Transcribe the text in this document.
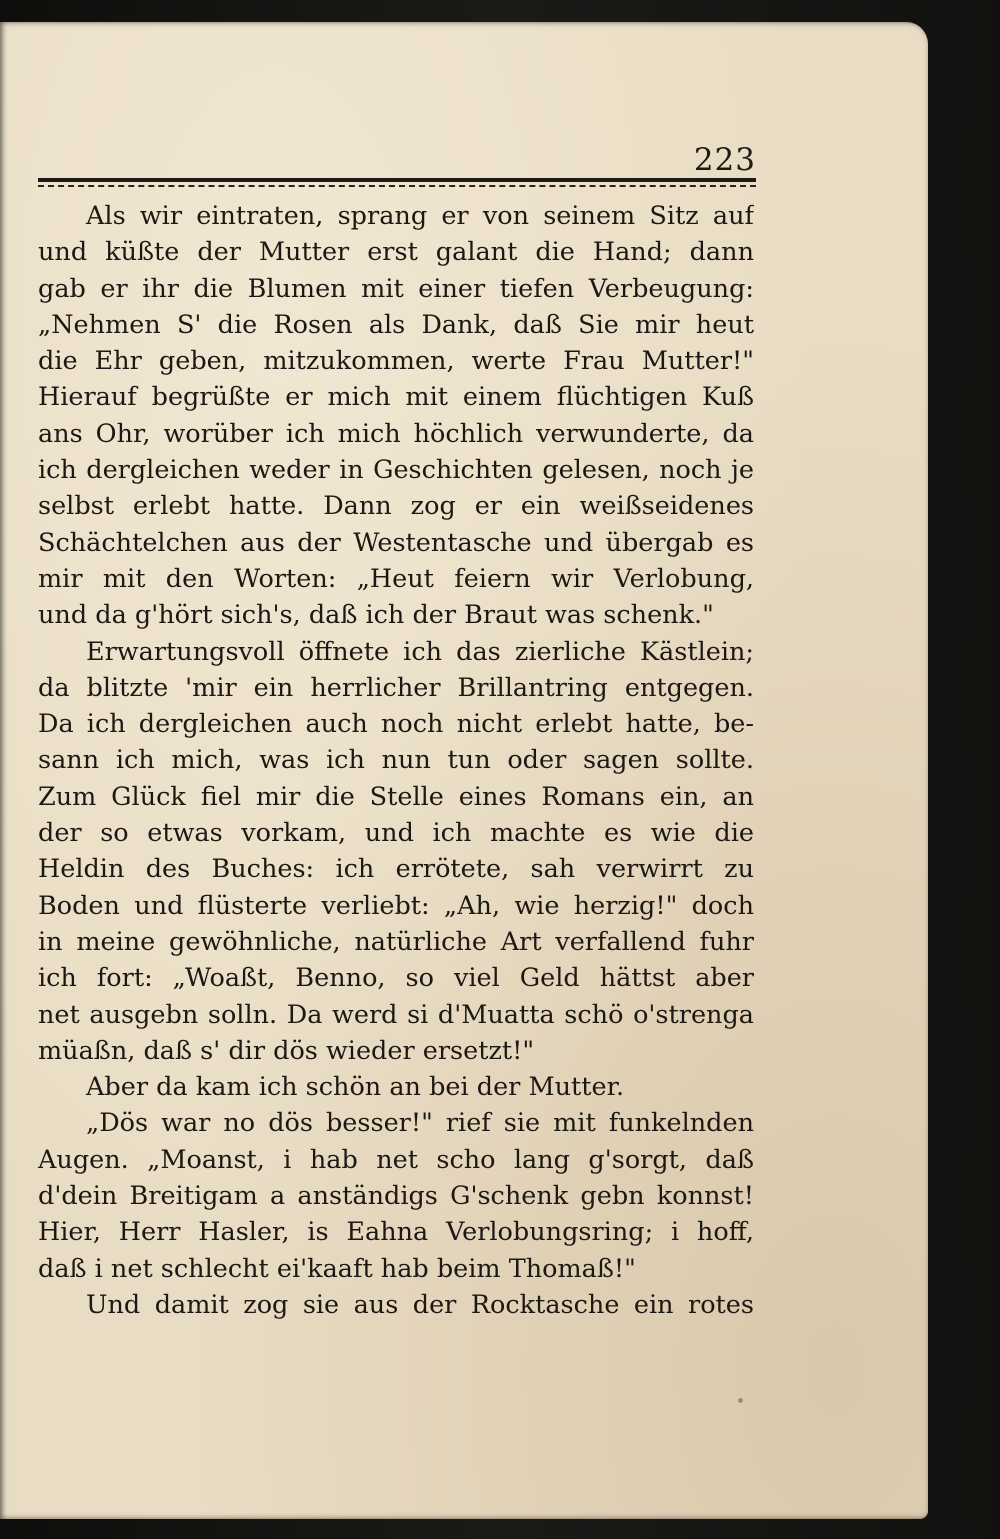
223
Als wir eintraten, sprang er von seinem Sitz auf
und küßte der Mutter erst galant die Hand; dann
gab er ihr die Blumen mit einer tiefen Verbeugung:
„Nehmen S' die Rosen als Dank, daß Sie mir heut
die Ehr geben, mitzukommen, werte Frau Mutter!"
Hierauf begrüßte er mich mit einem flüchtigen Kuß
ans Ohr, worüber ich mich höchlich verwunderte, da
ich dergleichen weder in Geschichten gelesen, noch je
selbst erlebt hatte. Dann zog er ein weißseidenes
Schächtelchen aus der Westentasche und übergab es
mir mit den Worten: „Heut feiern wir Verlobung,
und da g'hört sich's, daß ich der Braut was schenk."
Erwartungsvoll öffnete ich das zierliche Kästlein;
da blitzte 'mir ein herrlicher Brillantring entgegen.
Da ich dergleichen auch noch nicht erlebt hatte, be-
sann ich mich, was ich nun tun oder sagen sollte.
Zum Glück fiel mir die Stelle eines Romans ein, an
der so etwas vorkam, und ich machte es wie die
Heldin des Buches: ich errötete, sah verwirrt zu
Boden und flüsterte verliebt: „Ah, wie herzig!" doch
in meine gewöhnliche, natürliche Art verfallend fuhr
ich fort: „Woaßt, Benno, so viel Geld hättst aber
net ausgebn solln. Da werd si d'Muatta schö o'strenga
müaßn, daß s' dir dös wieder ersetzt!"
Aber da kam ich schön an bei der Mutter.
„Dös war no dös besser!" rief sie mit funkelnden
Augen. „Moanst, i hab net scho lang g'sorgt, daß
d'dein Breitigam a anständigs G'schenk gebn konnst!
Hier, Herr Hasler, is Eahna Verlobungsring; i hoff,
daß i net schlecht ei'kaaft hab beim Thomaß!"
Und damit zog sie aus der Rocktasche ein rotes
